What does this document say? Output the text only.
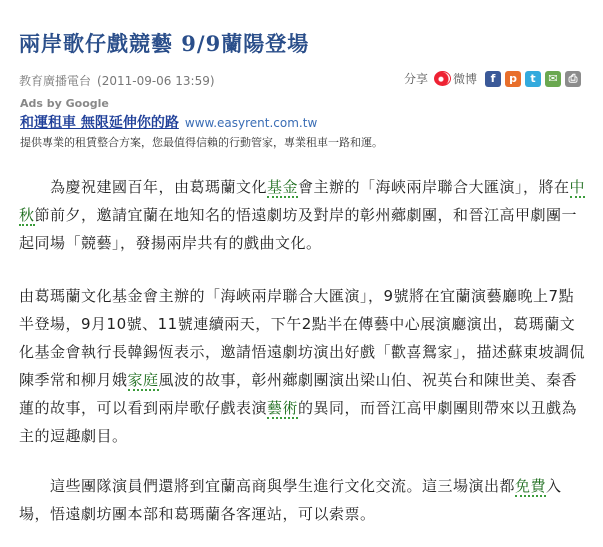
兩岸歌仔戲競藝 9/9蘭陽登場
教育廣播電台 (2011-09-06 13:59)	分享 微博	f	p	t	✉ ⎙
Ads by Google
和運租車 無限延伸你的路 www.easyrent.com.tw
提供專業的租賃整合方案，您最值得信賴的行動管家，專業租車一路和運。
　　為慶祝建國百年，由葛瑪蘭文化基金會主辦的「海峽兩岸聯合大匯演」，將在中秋節前夕，邀請宜蘭在地知名的悟遠劇坊及對岸的彰州薌劇團，和晉江高甲劇團一起同場「競藝」，發揚兩岸共有的戲曲文化。
由葛瑪蘭文化基金會主辦的「海峽兩岸聯合大匯演」，9號將在宜蘭演藝廳晚上7點半登場，9月10號、11號連續兩天，下午2點半在傳藝中心展演廳演出，葛瑪蘭文化基金會執行長韓錫恆表示，邀請悟遠劇坊演出好戲「歡喜鴛家」，描述蘇東坡調侃陳季常和柳月娥家庭風波的故事，彰州薌劇團演出梁山伯、祝英台和陳世美、秦香蓮的故事，可以看到兩岸歌仔戲表演藝術的異同，而晉江高甲劇團則帶來以丑戲為主的逗趣劇目。
　　這些團隊演員們還將到宜蘭高商與學生進行文化交流。這三場演出都免費入場，悟遠劇坊團本部和葛瑪蘭各客運站，可以索票。
